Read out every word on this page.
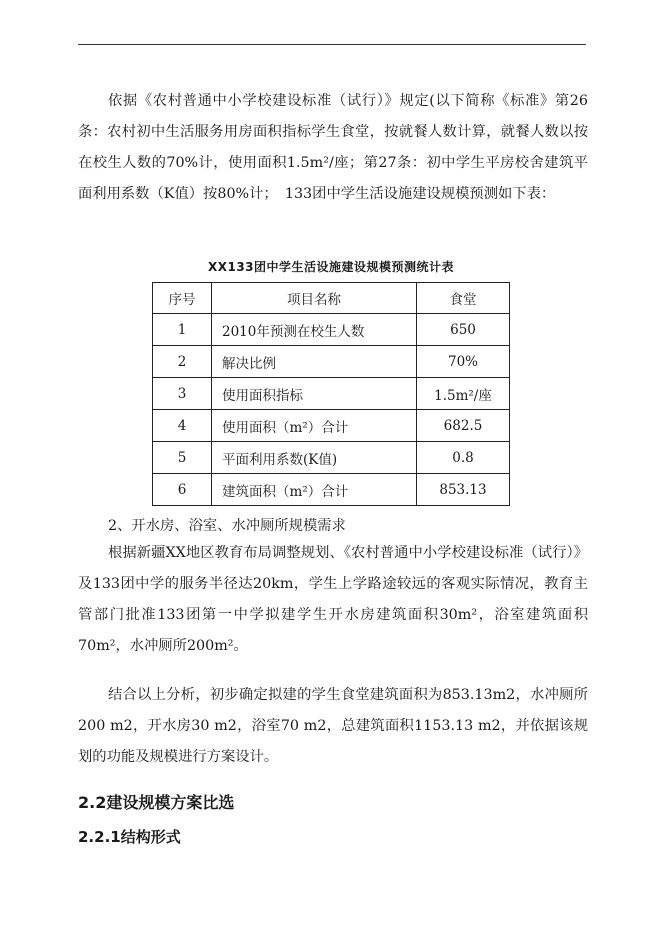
依据《农村普通中小学校建设标准（试行）》规定(以下简称《标准》第26条：农村初中生活服务用房面积指标学生食堂，按就餐人数计算，就餐人数以按在校生人数的70%计，使用面积1.5m²/座；第27条：初中学生平房校舍建筑平面利用系数（K值）按80%计；　133团中学生活设施建设规模预测如下表：

XX133团中学生活设施建设规模预测统计表
序号	项目名称	食堂
1	2010年预测在校生人数	650
2	解决比例	70%
3	使用面积指标	1.5m²/座
4	使用面积（m²）合计	682.5
5	平面利用系数(K值)	0.8
6	建筑面积（m²）合计	853.13
2、开水房、浴室、水冲厕所规模需求

根据新疆XX地区教育布局调整规划、《农村普通中小学校建设标准（试行）》及133团中学的服务半径达20km，学生上学路途较远的客观实际情况，教育主管部门批准133团第一中学拟建学生开水房建筑面积30m²，浴室建筑面积70m²，水冲厕所200m²。

结合以上分析，初步确定拟建的学生食堂建筑面积为853.13m2，水冲厕所200 m2，开水房30 m2，浴室70 m2，总建筑面积1153.13 m2，并依据该规划的功能及规模进行方案设计。

2.2建设规模方案比选
2.2.1结构形式
